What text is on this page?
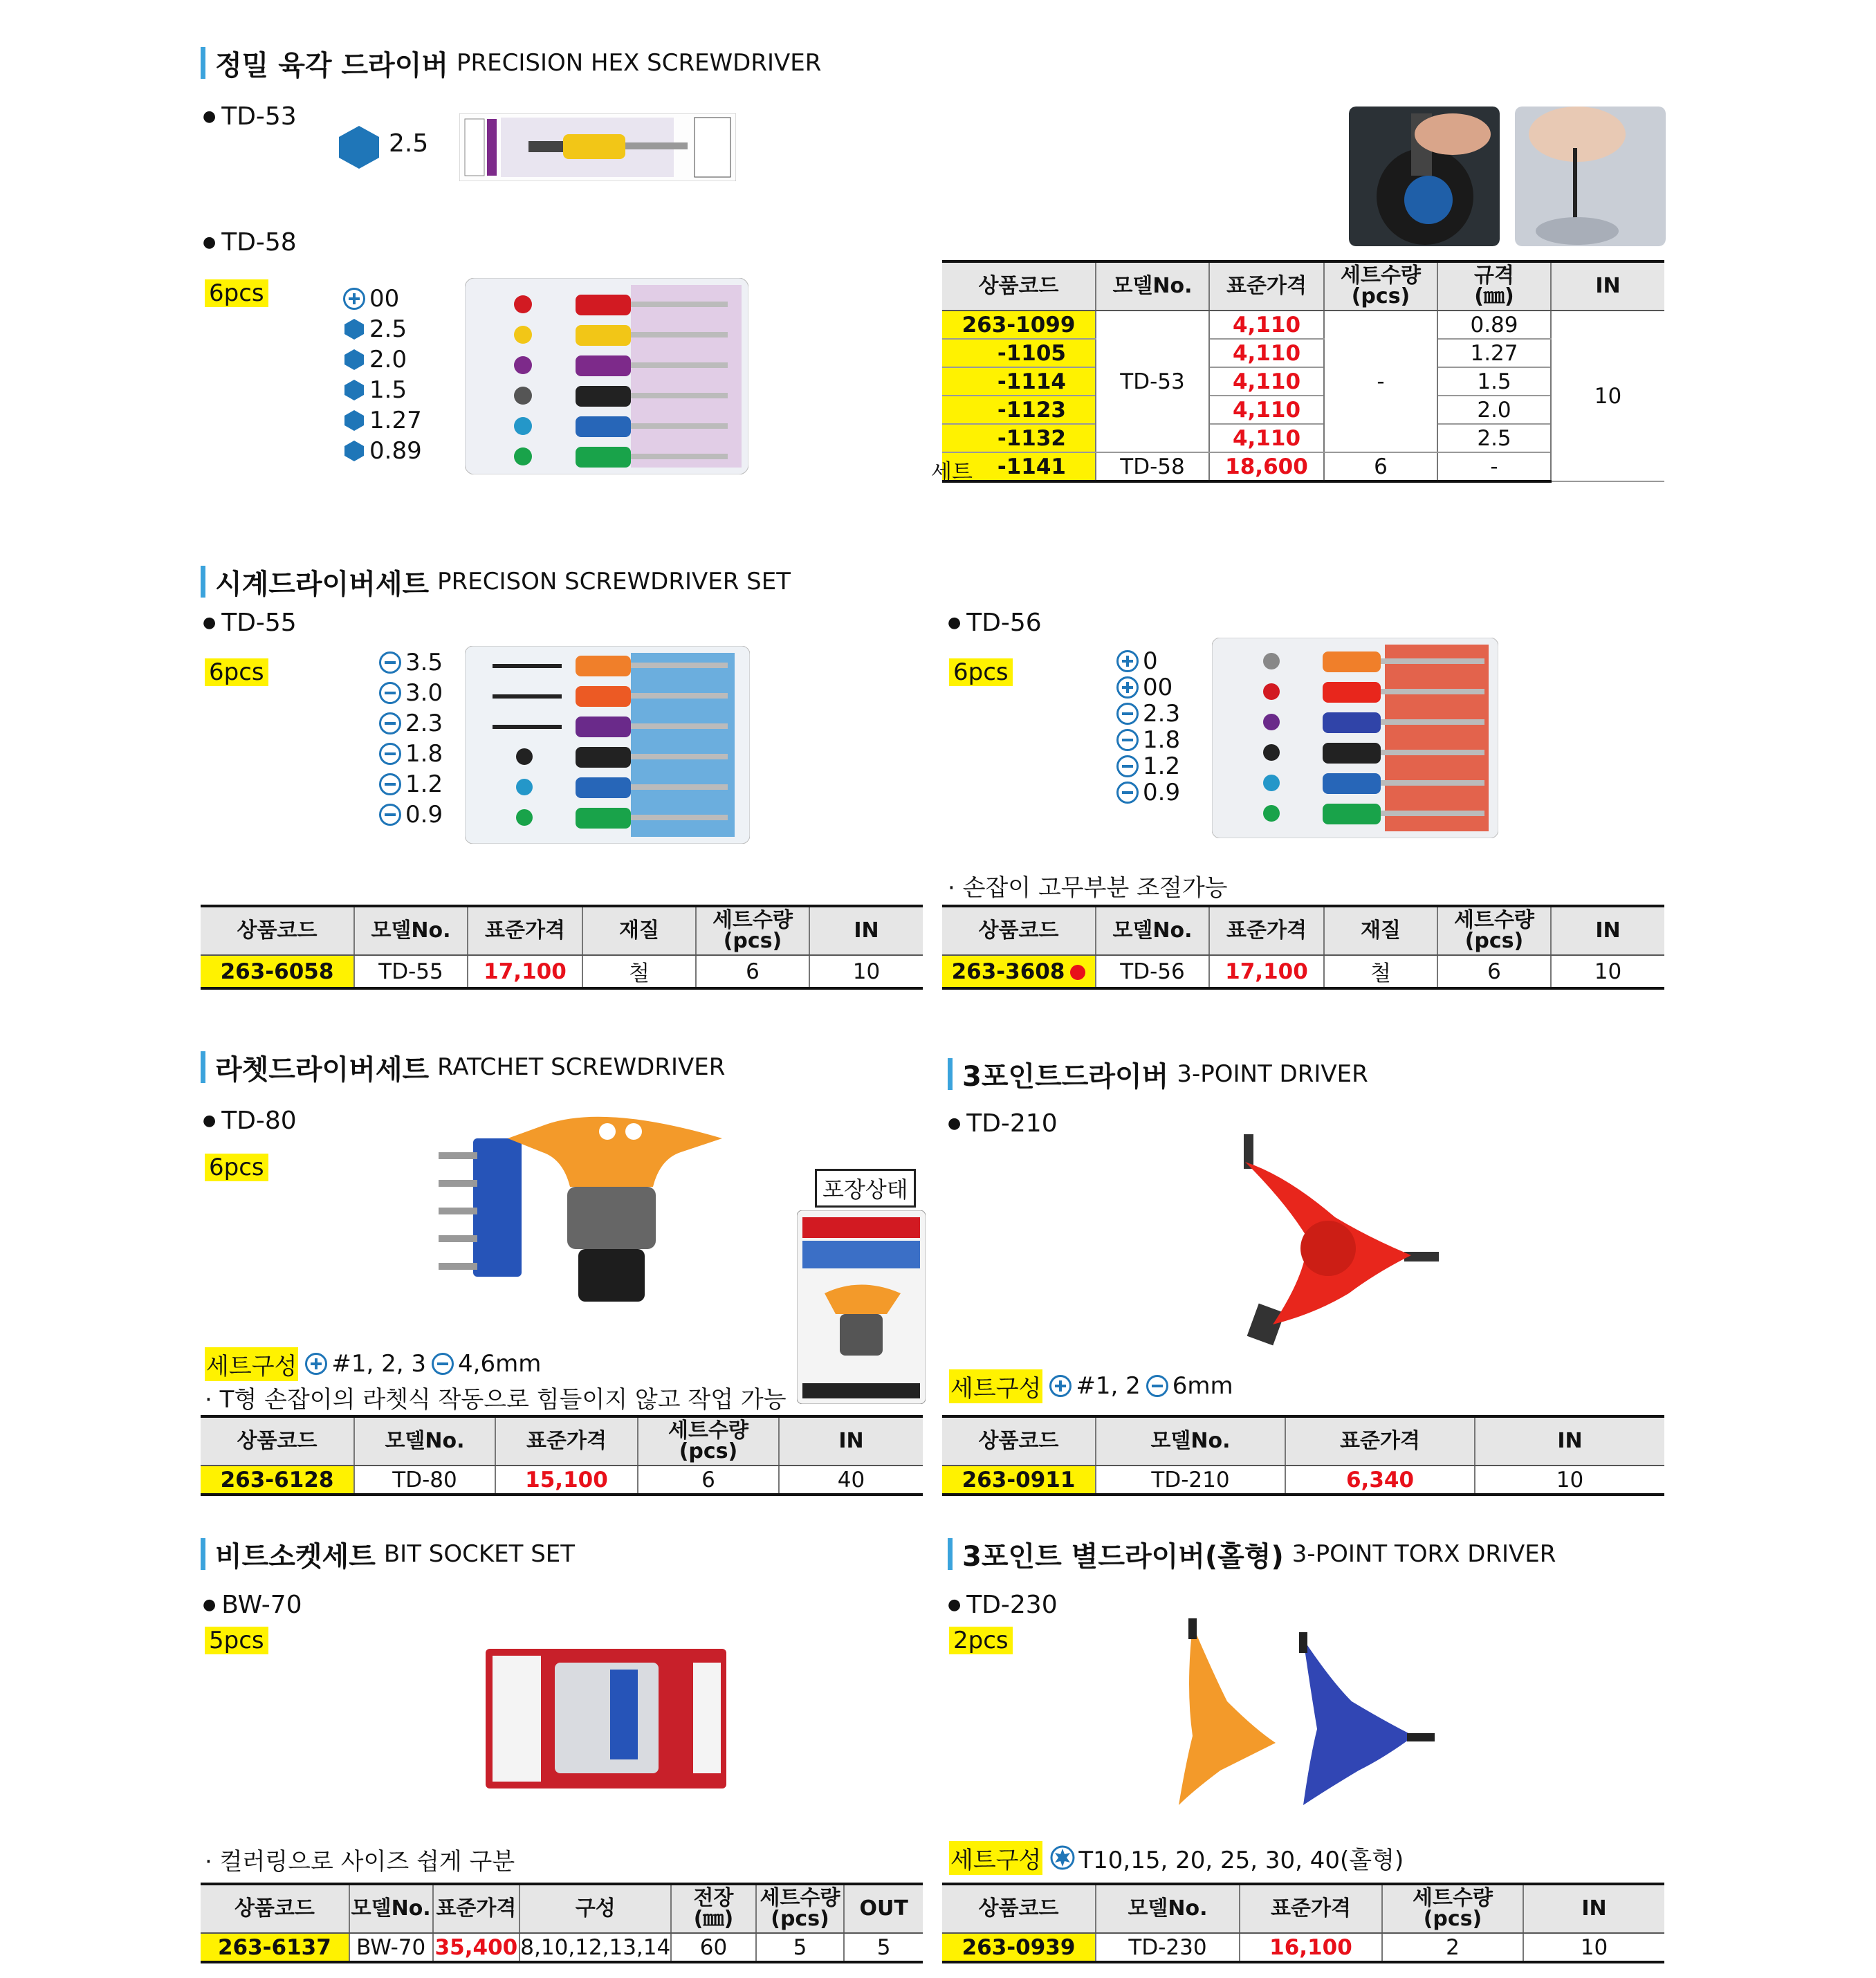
정밀 육각 드라이버 PRECISION HEX SCREWDRIVER
● TD-53
2.5
● TD-58
6pcs	00
2.5
2.0
1.5
1.27
0.89
상품코드	모델No.	표준가격	세트수량
(pcs)	규격
(㎜)	IN
263-1099	TD-53	4,110	-	0.89	10
-1105		4,110		1.27	
-1114		4,110		1.5	
-1123		4,110		2.0	
-1132		4,110		2.5	

세트 -1141	TD-58	18,600	6	-	
시계드라이버세트 PRECISON SCREWDRIVER SET
● TD-55
6pcs	3.5
3.0
2.3
1.8
1.2
0.9
● TD-56
6pcs	0
00
2.3
1.8
1.2
0.9
· 손잡이 고무부분 조절가능
상품코드	모델No.	표준가격	재질	세트수량
(pcs)	IN
263-6058	TD-55	17,100	철	6	10
상품코드	모델No.	표준가격	재질	세트수량
(pcs)	IN
263-3608	TD-56	17,100	철	6	10
라쳇드라이버세트 RATCHET SCREWDRIVER
● TD-80
6pcs
포장상태
세트구성 #1, 2, 3 4,6mm
· T형 손잡이의 라쳇식 작동으로 힘들이지 않고 작업 가능
상품코드	모델No.	표준가격	세트수량
(pcs)	IN
263-6128	TD-80	15,100	6	40
3포인트드라이버 3-POINT DRIVER
● TD-210
세트구성 #1, 2 6mm
상품코드	모델No.	표준가격	IN
263-0911	TD-210	6,340	10
비트소켓세트 BIT SOCKET SET
● BW-70
5pcs
· 컬러링으로 사이즈 쉽게 구분
상품코드	모델No.	표준가격	구성	전장
(㎜)	세트수량
(pcs)	OUT
263-6137	BW-70	35,400	8,10,12,13,14	60	5	5
3포인트 별드라이버(홀형) 3-POINT TORX DRIVER
● TD-230
2pcs
세트구성 T10,15, 20, 25, 30, 40(홀형)
상품코드	모델No.	표준가격	세트수량
(pcs)	IN
263-0939	TD-230	16,100	2	10
